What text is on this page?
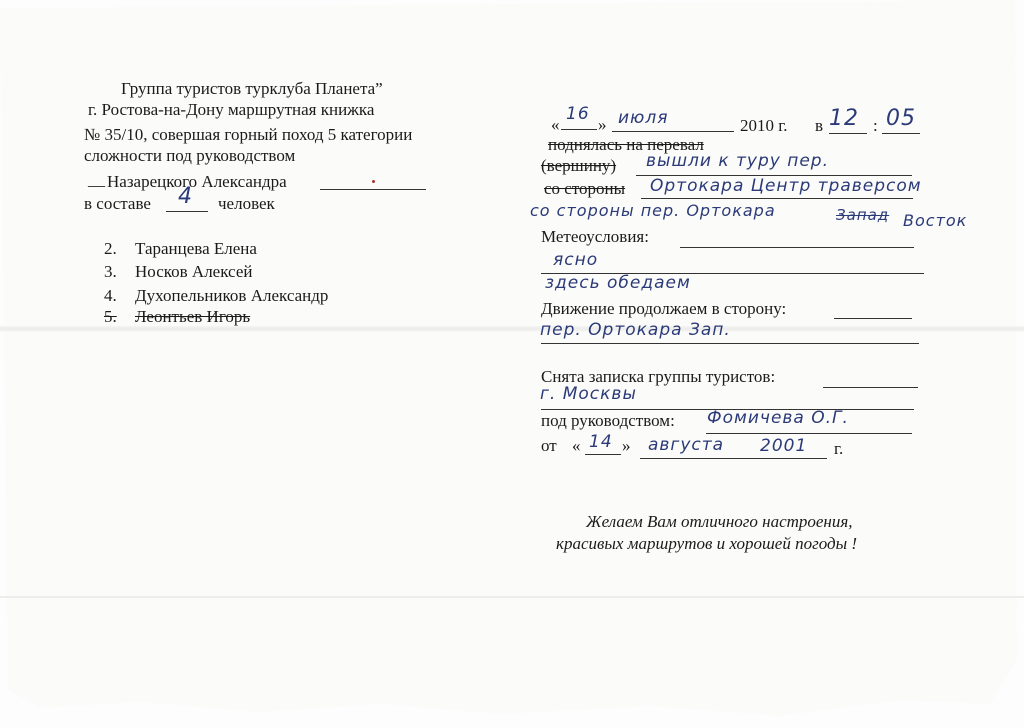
Группа туристов турклуба Планета”
г. Ростова-на-Дону маршрутная книжка
№ 35/10, совершая горный поход 5 категории
сложности под руководством
__ Назарецкого Александра
в составе 4 человек
2. Таранцева Елена
3. Носков Алексей
4. Духопельников Александр
5. Леонтьев Игорь
«
16
» июля	2010 г. в 12 : 05
поднялась на перевал
(вершину) вышли к туру пер.
со стороны Ортокара Центр траверсом
со стороны пер. Ортокара	Запад Восток
Метеоусловия:
ясно
здесь обедаем
Движение продолжаем в сторону:
пер. Ортокара Зап.
Снята записка группы туристов:
г. Москвы
под руководством: Фомичева О.Г.
от « 14 » августа 2001 г.
Желаем Вам отличного настроения,
красивых маршрутов и хорошей погоды !
